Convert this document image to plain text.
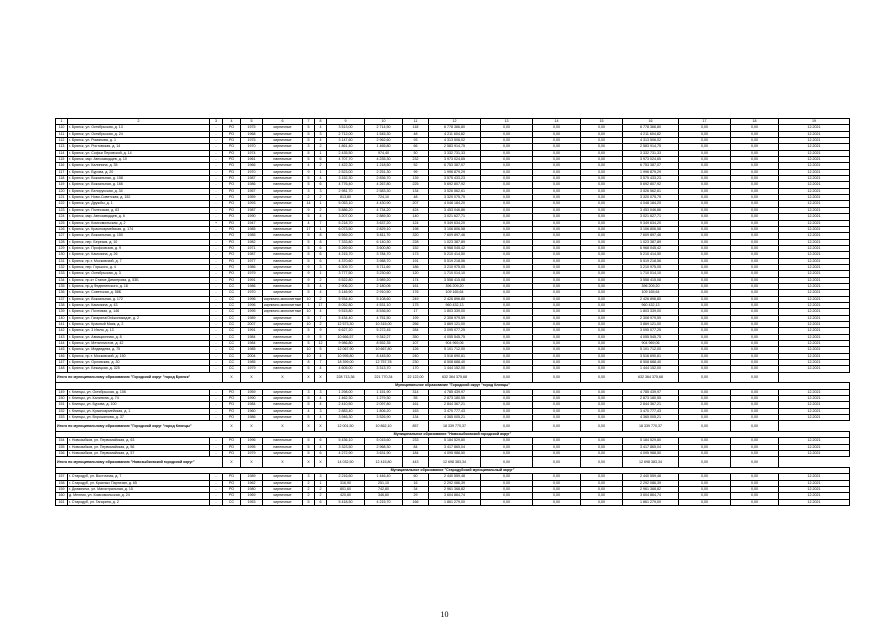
1	2	3	4	5	6	7	8	9	10	11	12	13	14	15	16	17	18	19
110	г. Брянск, ул. Октябрьская, д. 13	-	РО	1975	кирпичные	5	4	3 513,00	2 714,50	118	6 778 366,80	0,00	0,00	0,00	6 778 366,80	0,00	0,00	12.2021
111	г. Брянск, ул. Октябрьская, д. 24	-	РО	1968	кирпичные	5	3	2 712,00	1 545,30	48	4 211 604,82	0,00	0,00	0,00	4 211 604,82	0,00	0,00	12.2021
112	г. Брянск, ул. Романова, д. 1	-	РО	1975	кирпичные	5	4	3 147,60	2 962,60	93	4 313 506,02	0,00	0,00	0,00	4 313 506,02	0,00	0,00	12.2021
113	г. Брянск, ул. Ростовская, д. 14	-	РО	1970	кирпичные	3	2	1 861,40	1 465,80	66	2 583 914,75	0,00	0,00	0,00	2 583 914,75	0,00	0,00	12.2021
114	г. Брянск, ул. Софьи Перовской, д. 14	-	РО	1974	кирпичные	5	1	2 435,50	974,40	50	3 332 731,33	0,00	0,00	0,00	3 332 731,33	0,00	0,00	12.2021
115	г. Брянск, мкр. Автозаводцев, д. 10	-	РО	1961	панельные	5	6	4 707,70	4 235,30	232	3 973 024,65	0,00	0,00	0,00	3 973 024,65	0,00	0,00	12.2021
116	г. Брянск, ул. Калинина, д. 35	-	РО	1966	кирпичные	4	2	1 422,30	1 218,50	52	6 753 387,07	0,00	0,00	0,00	6 753 387,07	0,00	0,00	12.2021
117	г. Брянск, ул. Бурова, д. 20	-	РО	1970	кирпичные	9	1	2 523,00	2 251,30	99	1 996 879,29	0,00	0,00	0,00	1 996 879,29	0,00	0,00	12.2021
118	г. Брянск, ул. Вокзальная, д. 158	-	РО	1987	панельные	5	4	3 152,30	2 836,70	139	3 575 433,23	0,00	0,00	0,00	3 575 433,23	0,00	0,00	12.2021
119	г. Брянск, ул. Вокзальная, д. 166	-	РО	1986	панельные	5	6	4 776,40	4 267,80	225	5 692 807,92	0,00	0,00	0,00	5 692 807,92	0,00	0,00	12.2021
120	г. Брянск, ул. Белорусская, д. 34	-	РО	1957	кирпичные	3	3	2 981,70	2 583,30	134	3 526 562,61	0,00	0,00	0,00	3 526 562,61	0,00	0,00	12.2021
121	г. Брянск, ул. Ново-Советская, д. 152	-	РО	1959	кирпичные	2	2	813,80	724,10	48	3 320 075,75	0,00	0,00	0,00	3 320 075,75	0,00	0,00	12.2021
122	г. Брянск, ул. Дружбы, д. 1	-	РО	1993	кирпичные	14	1	5 053,10	4 430,90	207	4 048 184,20	0,00	0,00	0,00	4 048 184,20	0,00	0,00	12.2021
123	г. Брянск, ул. Полесская, д. 63	-	РО	1987	кирпичные	9	2	5 886,20	4 734,20	424	3 453 046,86	0,00	0,00	0,00	3 453 046,86	0,00	0,00	12.2021
124	г. Брянск, мкр. Автозаводцев, д. 6	-	РО	1990	панельные	5	4	3 207,00	2 889,30	140	3 021 627,71	0,00	0,00	0,00	3 021 627,71	0,00	0,00	12.2021
125	г. Брянск, ул. Комсомольская, д. 2	+	РО	1947	кирпичные	4	7	5 218,70	3 637,20	124	9 349 634,20	0,00	0,00	0,00	9 349 634,20	0,00	0,00	12.2021
126	г. Брянск, ул. Красноармейская, д. 174	-	РО	1985	панельные	17	1	6 073,50	2 829,10	198	3 106 806,58	0,00	0,00	0,00	3 106 806,58	0,00	0,00	12.2021
127	г. Брянск, ул. Вокзальная, д. 150	-	РО	1985	панельные	5	8	6 569,20	5 811,70	320	7 609 897,46	0,00	0,00	0,00	7 609 897,46	0,00	0,00	12.2021
128	г. Брянск, пер. Березов, д. 10	-	РО	1982	кирпичные	5	8	7 333,80	6 140,30	228	1 023 387,89	0,00	0,00	0,00	1 023 387,89	0,00	0,00	12.2021
129	г. Брянск, ул. Профсоюзов, д. 9	-	РО	1971	кирпичные	5	6	5 269,60	3 600,80	152	6 968 045,42	0,00	0,00	0,00	6 968 045,42	0,00	0,00	12.2021
130	г. Брянск, ул. Камозина, д. 26	-	РО	1987	панельные	5	6	4 215,70	3 784,70	173	5 210 414,50	0,00	0,00	0,00	5 210 414,50	0,00	0,00	12.2021
131	г. Брянск, пр-т. Московский, д. 7	-	РО	1977	панельные	5	6	4 370,60	3 988,70	191	5 519 218,56	0,00	0,00	0,00	5 519 218,56	0,00	0,00	12.2021
132	г. Брянск, пер. Горького, д. 4	-	РО	1986	кирпичные	9	3	6 309,70	5 711,60	186	3 210 975,05	0,00	0,00	0,00	3 210 975,05	0,00	0,00	12.2021
133	г. Брянск, ул. Октябрьская, д. 3	-	РО	1979	кирпичные	9	1	3 777,50	3 230,60	120	1 710 014,10	0,00	0,00	0,00	1 710 014,10	0,00	0,00	12.2021
134	г. Брянск, пр-кт Станке Димитрова, д. 53Б	-	РО	1991	кирпичные	9	2	5 522,80	3 989,20	174	3 558 415,08	0,00	0,00	0,00	3 558 415,08	0,00	0,00	12.2021
135	г. Брянск, пр-д Федюнинского, д. 16	-	СС	1986	панельные	5	4	2 906,20	2 180,06	161	396 209,20	0,00	0,00	0,00	396 209,20	0,00	0,00	12.2021
136	г. Брянск, ул. Советская, д. 58Б	-	СС	1970	кирпичные	5	4	3 146,90	2 910,50	176	109 165,64	0,00	0,00	0,00	109 165,64	0,00	0,00	12.2021
137	г. Брянск, ул. Вокзальная, д. 172	-	СС	1996	кирпично-монолитные	10	2	5 934,40	5 108,60	249	2 426 896,80	0,00	0,00	0,00	2 426 896,80	0,00	0,00	12.2021
138	г. Брянск, ул. Камозина, д. 43	-	СС	1996	кирпично-монолитные	1	17	8 052,80	4 531,10	175	960 432,13	0,00	0,00	0,00	960 432,13	0,00	0,00	12.2021
139	г. Брянск, ул. Почтовая, д. 146	-	СС	1995	кирпично-монолитные	10	4	9 515,80	8 536,50	17	1 803 339,00	0,00	0,00	0,00	1 803 339,00	0,00	0,00	12.2021
140	г. Брянск, ул. Гагарина/Оrdжоникидзе, д. 2	-	СС	1989	кирпичные	5	7	5 434,40	4 751,50	199	2 308 979,59	0,00	0,00	0,00	2 308 979,59	0,00	0,00	12.2021
141	г. Брянск, ул. Красный Маяк, д. 2	-	СС	2007	кирпичные	10	2	12 573,30	10 315,00	266	3 869 121,00	0,00	0,00	0,00	3 869 121,00	0,00	0,00	12.2021
142	г. Брянск, ул. 3 Июля, д. 13	-	СС	1991	кирпичные	5	9	6 627,20	5 272,45	284	3 095 077,25	0,00	0,00	0,00	3 095 077,25	0,00	0,00	12.2021
143	г. Брянск, ул. Авиационная, д. 8	-	СС	1984	панельные	9	5	10 666,57	9 342,27	350	4 055 545,75	0,00	0,00	0,00	4 055 545,75	0,00	0,00	12.2021
144	г. Брянск, ул. Металлистов, д. 42	-	СС	1984	панельные	5	12	9 986,80	8 552,35	107	904 969,06	0,00	0,00	0,00	904 969,06	0,00	0,00	12.2021
145	г. Брянск, ул. Медведева, д. 75	-	СС	1985	панельные	10	5	12 067,90	10 667,80	126	5 101 712,00	0,00	0,00	0,00	5 101 712,00	0,00	0,00	12.2021
146	г. Брянск, пр-т. Московский, д. 150	-	СС	2004	кирпичные	10	4	10 995,80	8 445,50	240	3 516 690,61	0,00	0,00	0,00	3 516 690,61	0,00	0,00	12.2021
147	г. Брянск, ул. Орловская, д. 30	-	СС	1985	кирпичные	8	7	18 399,00	12 757,78	230	8 508 688,40	0,00	0,00	0,00	8 508 688,40	0,00	0,00	12.2021
148	г. Брянск, ул. Бежицкая, д. 325	-	СС	1979	панельные	5	4	4 605,00	3 313,70	170	1 444 152,00	0,00	0,00	0,00	1 444 152,00	0,00	0,00	12.2021
Итого по муниципальному образованию "Городской округ "город Брянск"			X	X	X	X	X	228 713,36	221 770,34	22 122,00	632 364 375,68	0,00	0,00	0,00	632 364 375,68	0,00	0,00	
Муниципальное образование "Городской округ "город Клинцы"																		
149	г. Клинцы, ул. Октябрьская, д. 106	-	РО	1959	кирпичные	3	3	1 298,00	1 151,90	314	4 785 439,97	0,00	0,00	0,00	4 785 439,97	0,00	0,00	12.2021
150	г. Клинцы, ул. Калинина, д. 74	-	РО	1990	кирпичные	5	4	1 462,30	1 279,30	55	2 873 180,55	0,00	0,00	0,00	2 873 180,55	0,00	0,00	12.2021
151	г. Клинцы, ул. Бурова, д. 100	-	РО	1984	панельные	5	4	2 410,50	2 097,80	161	2 844 367,21	0,00	0,00	0,00	2 844 367,21	0,00	0,00	12.2021
152	г. Клинцы, ул. Красноармейская, д. 1	-	РО	1960	кирпичные	4	3	2 883,40	1 806,20	163	3 470 777,43	0,00	0,00	0,00	3 470 777,43	0,00	0,00	12.2021
153	г. Клинцы, ул. Ворошилова, д. 37	-	РО	1986	кирпичные	5	4	3 946,30	3 526,90	134	4 365 005,21	0,00	0,00	0,00	4 365 005,21	0,00	0,00	12.2021
Итого по муниципальному образованию "Городской округ "город Клинцы"			X	X	X	X	X	12 001,50	10 862,10	857	18 339 770,37	0,00	0,00	0,00	18 339 770,37	0,00	0,00	
Муниципальное образование "Новозыбковский городской округ"																		
154	г. Новозыбков, ул. Первомайская, д. 63	-	РО	1996	панельные	5	6	5 436,10	5 015,60	233	5 184 529,80	0,00	0,00	0,00	5 184 529,80	0,00	0,00	12.2021
155	г. Новозыбков, ул. Первомайская, д. 56	-	РО	1995	панельные	5	4	3 323,50	2 968,30	84	3 417 865,04	0,00	0,00	0,00	3 417 865,04	0,00	0,00	12.2021
156	г. Новозыбков, ул. Первомайская, д. 57	-	РО	1979	кирпичные	5	6	4 272,90	3 631,90	184	4 095 988,50	0,00	0,00	0,00	4 095 988,50	0,00	0,00	12.2021
Итого по муниципальному образованию "Новозыбковский городской округ"			X	X	X	X	X	14 032,50	12 415,80	443	12 698 383,34	0,00	0,00	0,00	12 698 383,34	0,00	0,00	
Муниципальное образование "Стародубский муниципальный округ"																		
157	г. Стародуб, ул. Восточная, д. 7	-	РО	1989	кирпичные	3	3	2 216,60	1 446,40	60	2 440 559,48	0,00	0,00	0,00	2 440 559,48	0,00	0,00	12.2021
158	г. Стародуб, ул. Красных Партизан, д. 65	-	РО	1962	кирпичные	2	1	316,90	251,10	16	2 292 086,39	0,00	0,00	0,00	2 292 086,39	0,00	0,00	12.2021
159	г. Дюминичи, ул. Магистральная, д. 15	-	РО	1980	кирпичные	2	2	801,60	742,80	34	2 961 368,82	0,00	0,00	0,00	2 961 368,82	0,00	0,00	12.2021
160	д. Мелеки, ул. Комсомольская, д. 24	-	РО	1969	кирпичные	2	2	420,60	346,60	29	3 604 864,74	0,00	0,00	0,00	3 604 864,74	0,00	0,00	12.2021
161	г. Стародуб, ул. Гагарина, д. 2	-	СС	1953	кирпичные	5	6	5 418,50	4 215,70	166	1 861 279,00	0,00	0,00	0,00	1 861 279,00	0,00	0,00	12.2021
10
